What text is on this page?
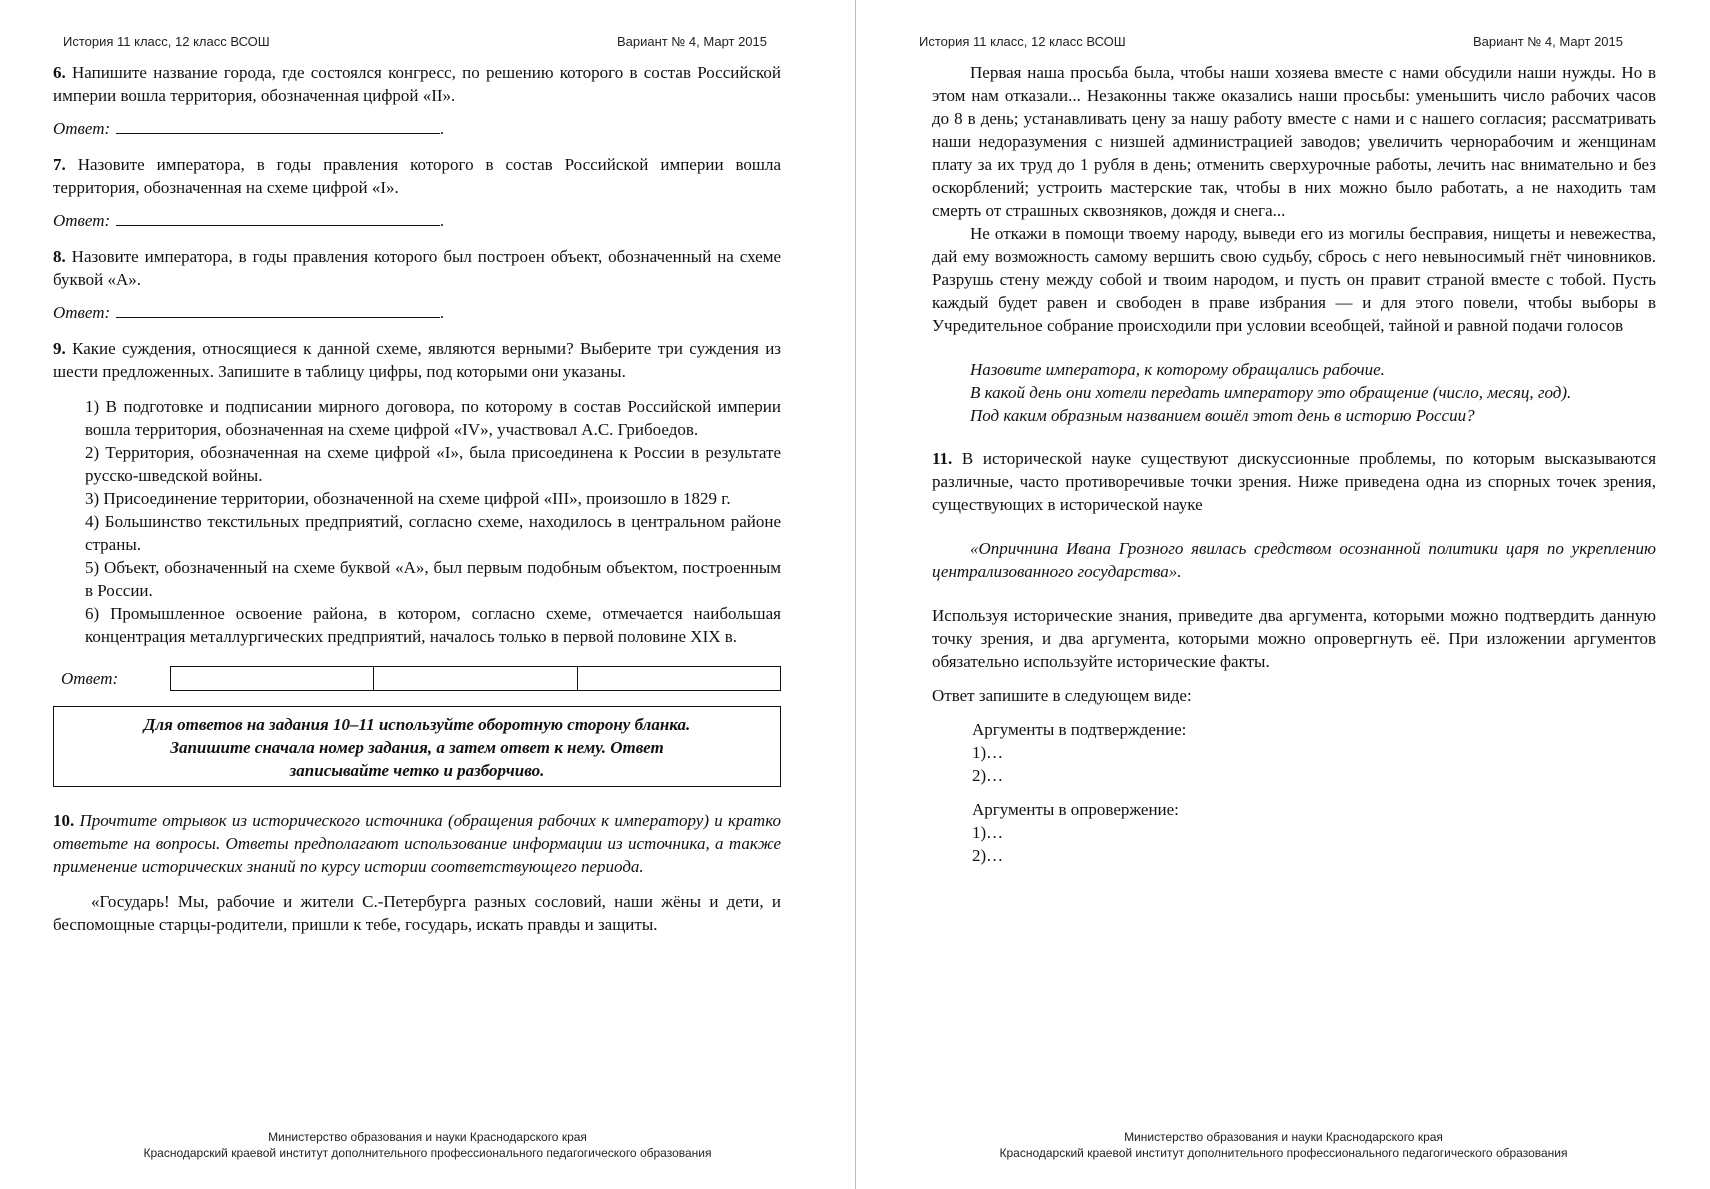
История 11 класс, 12 класс ВСОШ	Вариант № 4, Март 2015

6. Напишите название города, где состоялся конгресс, по решению которого в состав Российской империи вошла территория, обозначенная цифрой «II».

Ответ:	.

7. Назовите императора, в годы правления которого в состав Российской империи вошла территория, обозначенная на схеме цифрой «I».

Ответ:	.

8. Назовите императора, в годы правления которого был построен объект, обозначенный на схеме буквой «А».

Ответ:	.

9. Какие суждения, относящиеся к данной схеме, являются верными? Выберите три суждения из шести предложенных. Запишите в таблицу цифры, под которыми они указаны.

1) В подготовке и подписании мирного договора, по которому в состав Российской империи вошла территория, обозначенная на схеме цифрой «IV», участвовал А.С. Грибоедов.

2) Территория, обозначенная на схеме цифрой «I», была присоединена к России в результате русско-шведской войны.

3) Присоединение территории, обозначенной на схеме цифрой «III», произошло в 1829 г.

4) Большинство текстильных предприятий, согласно схеме, находилось в центральном районе страны.

5) Объект, обозначенный на схеме буквой «А», был первым подобным объектом, построенным в России.

6) Промышленное освоение района, в котором, согласно схеме, отмечается наибольшая концентрация металлургических предприятий, началось только в первой половине XIX в.

Ответ:
Для ответов на задания 10–11 используйте оборотную сторону бланка.
Запишите сначала номер задания, а затем ответ к нему. Ответ
записывайте четко и разборчиво.

10. Прочтите отрывок из исторического источника (обращения рабочих к императору) и кратко ответьте на вопросы. Ответы предполагают использование информации из источника, а также применение исторических знаний по курсу истории соответствующего периода.

«Государь! Мы, рабочие и жители С.-Петербурга разных сословий, наши жёны и дети, и беспомощные старцы-родители, пришли к тебе, государь, искать правды и защиты.

Министерство образования и науки Краснодарского края
Краснодарский краевой институт дополнительного профессионального педагогического образования
История 11 класс, 12 класс ВСОШ	Вариант № 4, Март 2015

Первая наша просьба была, чтобы наши хозяева вместе с нами обсудили наши нужды. Но в этом нам отказали... Незаконны также оказались наши просьбы: уменьшить число рабочих часов до 8 в день; устанавливать цену за нашу работу вместе с нами и с нашего согласия; рассматривать наши недоразумения с низшей администрацией заводов; увеличить чернорабочим и женщинам плату за их труд до 1 рубля в день; отменить сверхурочные работы, лечить нас внимательно и без оскорблений; устроить мастерские так, чтобы в них можно было работать, а не находить там смерть от страшных сквозняков, дождя и снега...

Не откажи в помощи твоему народу, выведи его из могилы бесправия, нищеты и невежества, дай ему возможность самому вершить свою судьбу, сбрось с него невыносимый гнёт чиновников. Разрушь стену между собой и твоим народом, и пусть он правит страной вместе с тобой. Пусть каждый будет равен и свободен в праве избрания — и для этого повели, чтобы выборы в Учредительное собрание происходили при условии всеобщей, тайной и равной подачи голосов

Назовите императора, к которому обращались рабочие.
В какой день они хотели передать императору это обращение (число, месяц, год).
Под каким образным названием вошёл этот день в историю России?

11. В исторической науке существуют дискуссионные проблемы, по которым высказываются различные, часто противоречивые точки зрения. Ниже приведена одна из спорных точек зрения, существующих в исторической науке

«Опричнина Ивана Грозного явилась средством осознанной политики царя по укреплению централизованного государства».

Используя исторические знания, приведите два аргумента, которыми можно подтвердить данную точку зрения, и два аргумента, которыми можно опровергнуть её. При изложении аргументов обязательно используйте исторические факты.

Ответ запишите в следующем виде:
Аргументы в подтверждение:
1)…
2)…
Аргументы в опровержение:
1)…
2)…
Министерство образования и науки Краснодарского края
Краснодарский краевой институт дополнительного профессионального педагогического образования
